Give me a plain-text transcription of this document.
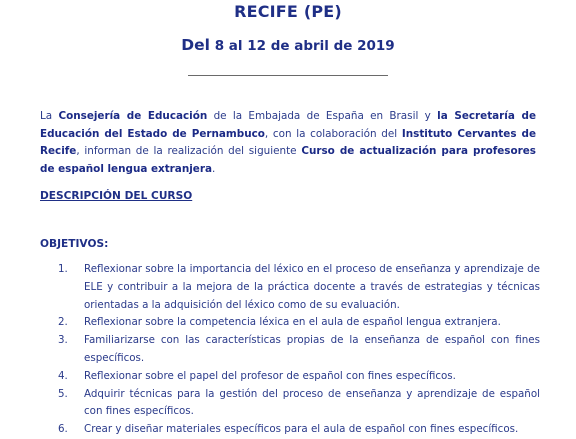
RECIFE (PE)
Del 8 al 12 de abril de 2019
La Consejería de Educación de la Embajada de España en Brasil y la Secretaría de Educación del Estado de Pernambuco, con la colaboración del Instituto Cervantes de Recife, informan de la realización del siguiente Curso de actualización para profesores de español lengua extranjera.
DESCRIPCIÓN DEL CURSO
OBJETIVOS:
1.	Reflexionar sobre la importancia del léxico en el proceso de enseñanza y aprendizaje de ELE y contribuir a la mejora de la práctica docente a través de estrategias y técnicas orientadas a la adquisición del léxico como de su evaluación.
2.	Reflexionar sobre la competencia léxica en el aula de español lengua extranjera.
3.	Familiarizarse con las características propias de la enseñanza de español con fines específicos.
4.	Reflexionar sobre el papel del profesor de español con fines específicos.
5.	Adquirir técnicas para la gestión del proceso de enseñanza y aprendizaje de español con fines específicos.
6.	Crear y diseñar materiales específicos para el aula de español con fines específicos.
